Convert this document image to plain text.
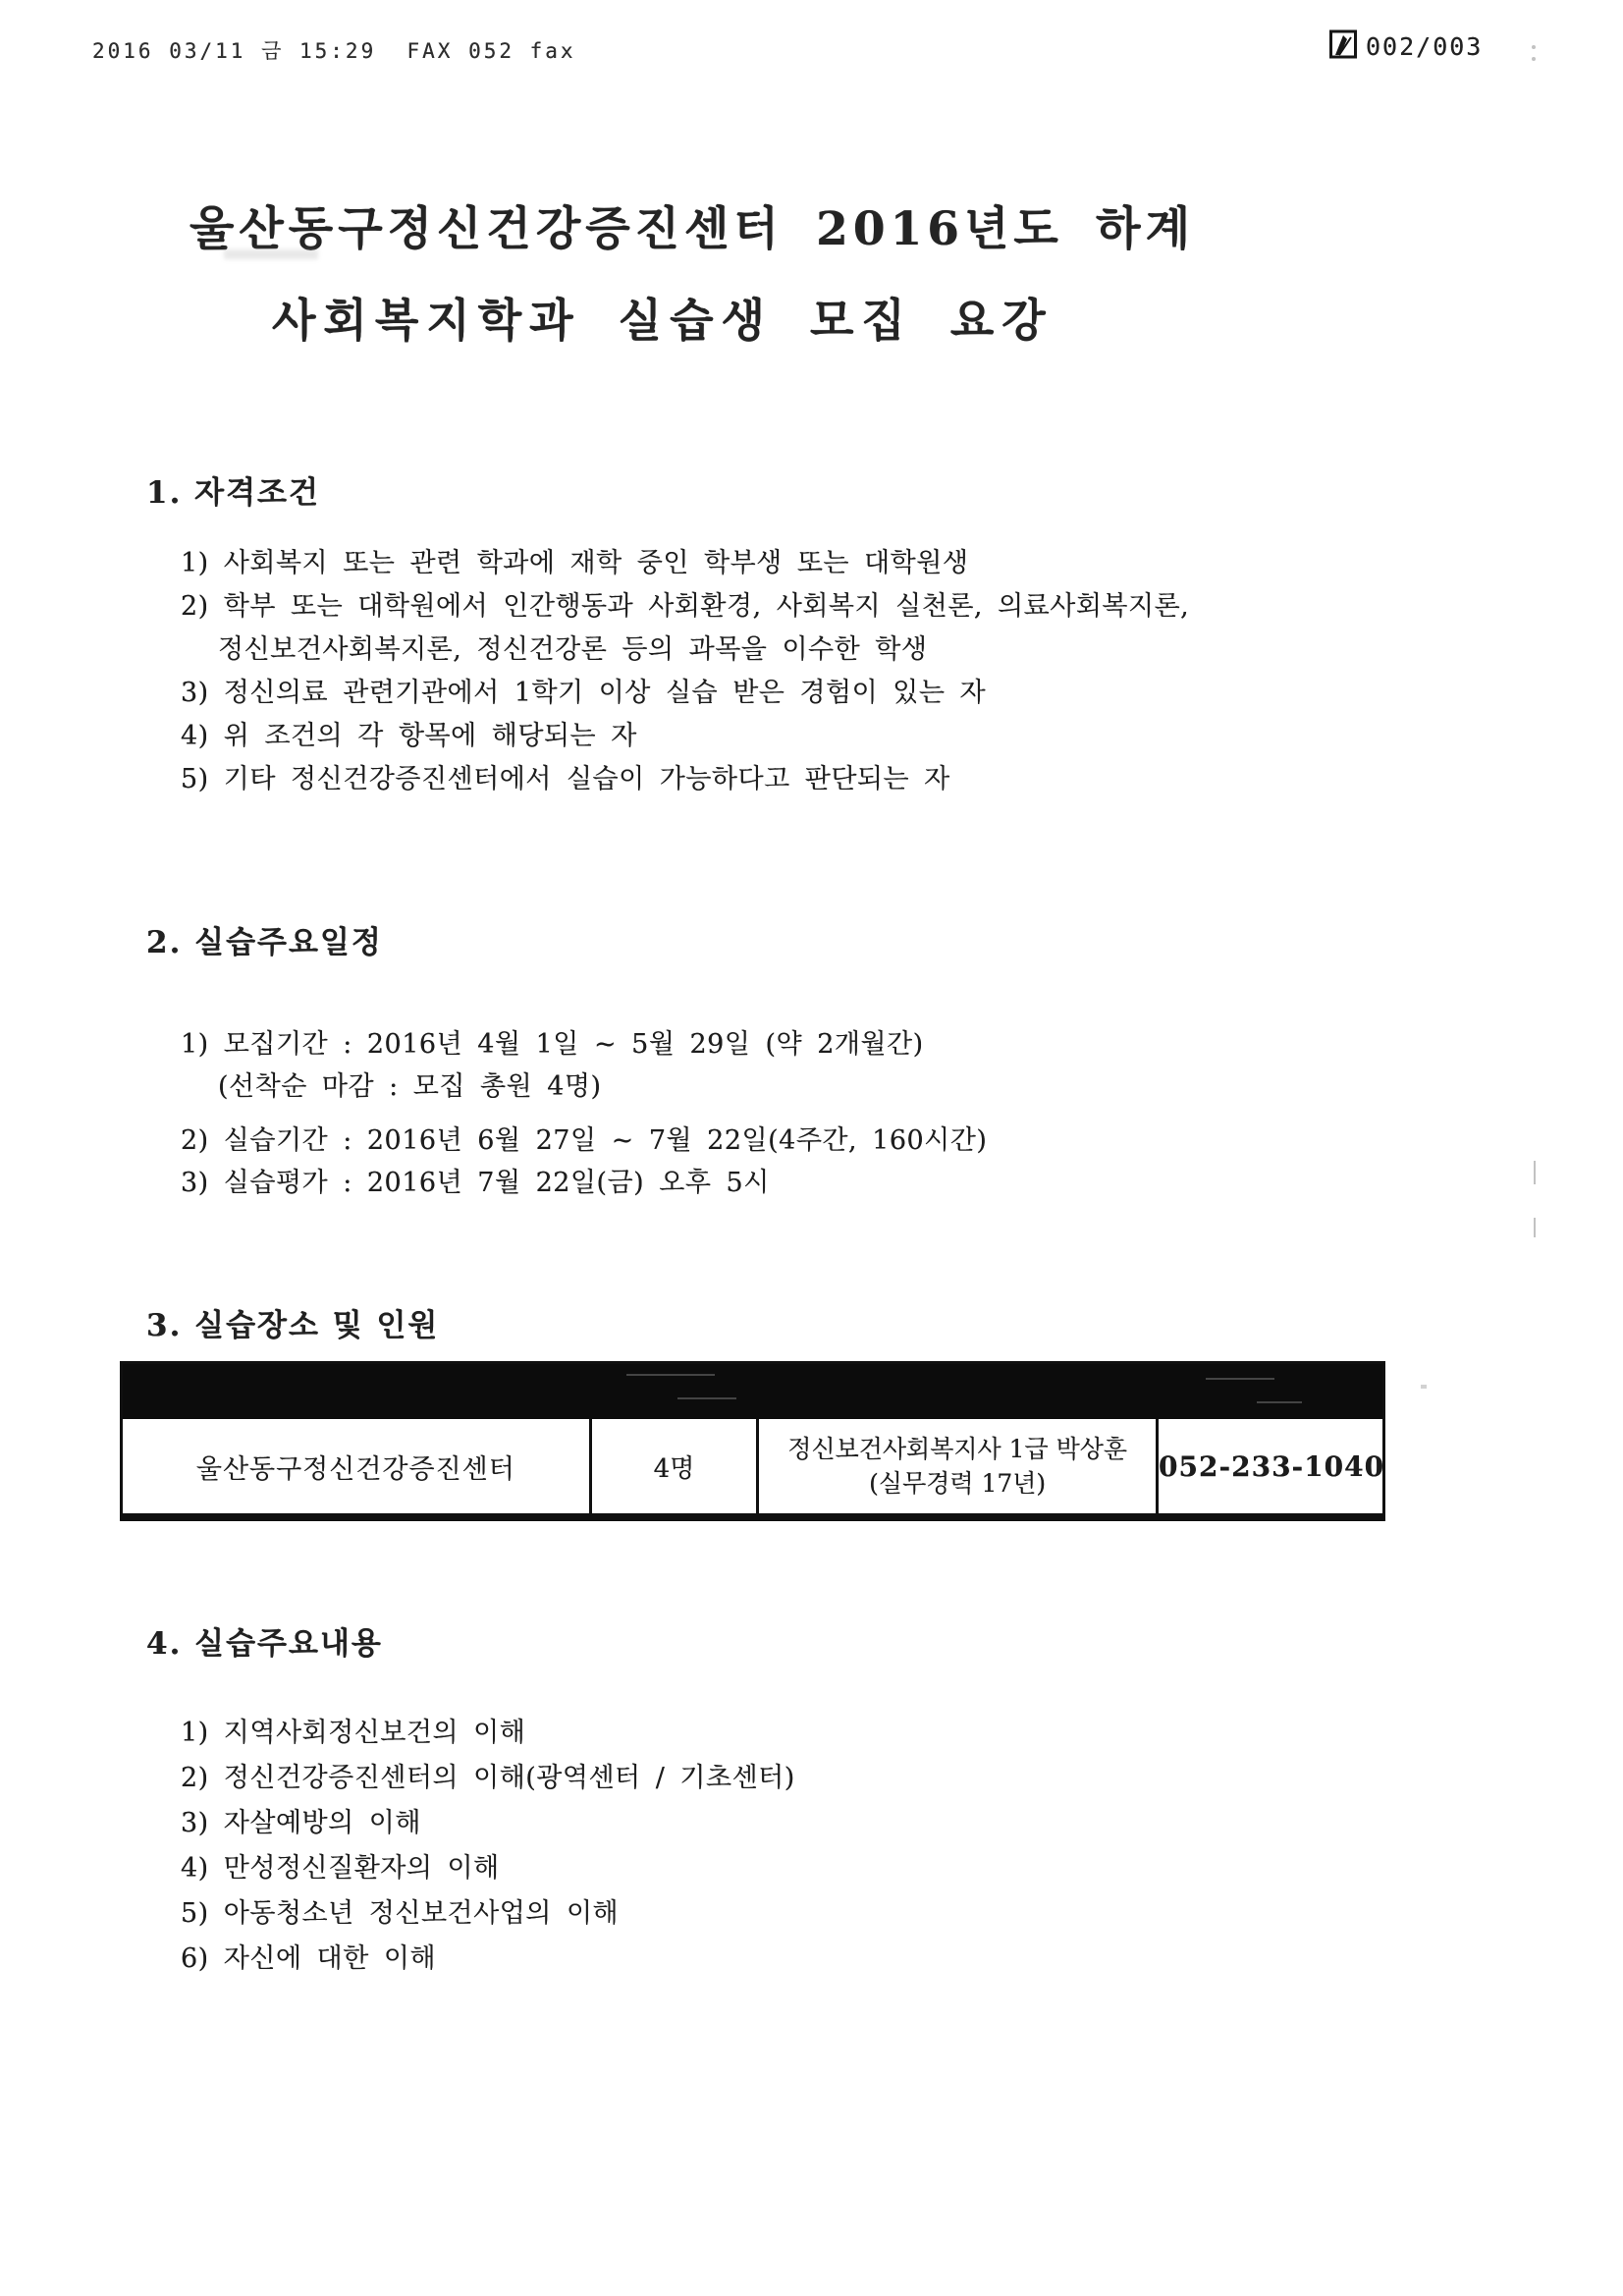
2016 03/11 금 15:29  FAX 052 fax	002/003
울산동구정신건강증진센터 2016년도 하계
사회복지학과 실습생 모집 요강
1. 자격조건
1) 사회복지 또는 관련 학과에 재학 중인 학부생 또는 대학원생
2) 학부 또는 대학원에서 인간행동과 사회환경, 사회복지 실천론, 의료사회복지론,
정신보건사회복지론, 정신건강론 등의 과목을 이수한 학생
3) 정신의료 관련기관에서 1학기 이상 실습 받은 경험이 있는 자
4) 위 조건의 각 항목에 해당되는 자
5) 기타 정신건강증진센터에서 실습이 가능하다고 판단되는 자
2. 실습주요일정
1) 모집기간 : 2016년 4월 1일 ~ 5월 29일 (약 2개월간)
(선착순 마감 : 모집 총원 4명)
2) 실습기간 : 2016년 6월 27일 ~ 7월 22일(4주간, 160시간)
3) 실습평가 : 2016년 7월 22일(금) 오후 5시
3. 실습장소 및 인원
울산동구정신건강증진센터	4명
정신보건사회복지사 1급 박상훈
(실무경력 17년)
052-233-1040
4. 실습주요내용
1) 지역사회정신보건의 이해
2) 정신건강증진센터의 이해(광역센터 / 기초센터)
3) 자살예방의 이해
4) 만성정신질환자의 이해
5) 아동청소년 정신보건사업의 이해
6) 자신에 대한 이해
